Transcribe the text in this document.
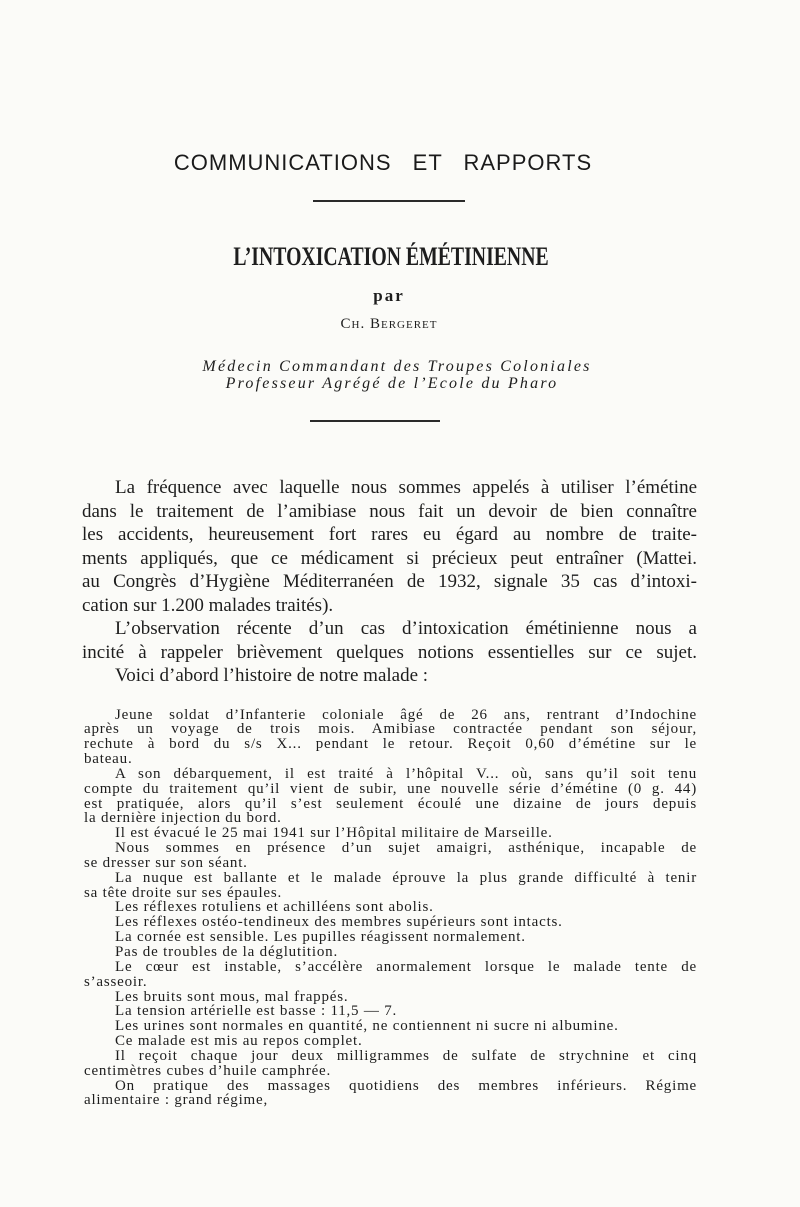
COMMUNICATIONS ET RAPPORTS
L’INTOXICATION ÉMÉTINIENNE
par
Ch. Bergeret
Médecin Commandant des Troupes Coloniales
Professeur Agrégé de l’Ecole du Pharo

La fréquence avec laquelle nous sommes appelés à utiliser l’émétine
dans le traitement de l’amibiase nous fait un devoir de bien connaître
les accidents, heureusement fort rares eu égard au nombre de traite-
ments appliqués, que ce médicament si précieux peut entraîner (Mattei.
au Congrès d’Hygiène Méditerranéen de 1932, signale 35 cas d’intoxi-
cation sur 1.200 malades traités).

L’observation récente d’un cas d’intoxication émétinienne nous a
incité à rappeler brièvement quelques notions essentielles sur ce sujet.

Voici d’abord l’histoire de notre malade :

Jeune soldat d’Infanterie coloniale âgé de 26 ans, rentrant d’Indochine
après un voyage de trois mois. Amibiase contractée pendant son séjour,
rechute à bord du s/s X... pendant le retour. Reçoit 0,60 d’émétine sur le
bateau.

A son débarquement, il est traité à l’hôpital V... où, sans qu’il soit tenu
compte du traitement qu’il vient de subir, une nouvelle série d’émétine (0 g. 44)
est pratiquée, alors qu’il s’est seulement écoulé une dizaine de jours depuis
la dernière injection du bord.

Il est évacué le 25 mai 1941 sur l’Hôpital militaire de Marseille.

Nous sommes en présence d’un sujet amaigri, asthénique, incapable de
se dresser sur son séant.

La nuque est ballante et le malade éprouve la plus grande difficulté à tenir
sa tête droite sur ses épaules.

Les réflexes rotuliens et achilléens sont abolis.

Les réflexes ostéo-tendineux des membres supérieurs sont intacts.

La cornée est sensible. Les pupilles réagissent normalement.

Pas de troubles de la déglutition.

Le cœur est instable, s’accélère anormalement lorsque le malade tente de
s’asseoir.

Les bruits sont mous, mal frappés.

La tension artérielle est basse : 11,5 — 7.

Les urines sont normales en quantité, ne contiennent ni sucre ni albumine.

Ce malade est mis au repos complet.

Il reçoit chaque jour deux milligrammes de sulfate de strychnine et cinq
centimètres cubes d’huile camphrée.

On pratique des massages quotidiens des membres inférieurs. Régime
alimentaire : grand régime,
